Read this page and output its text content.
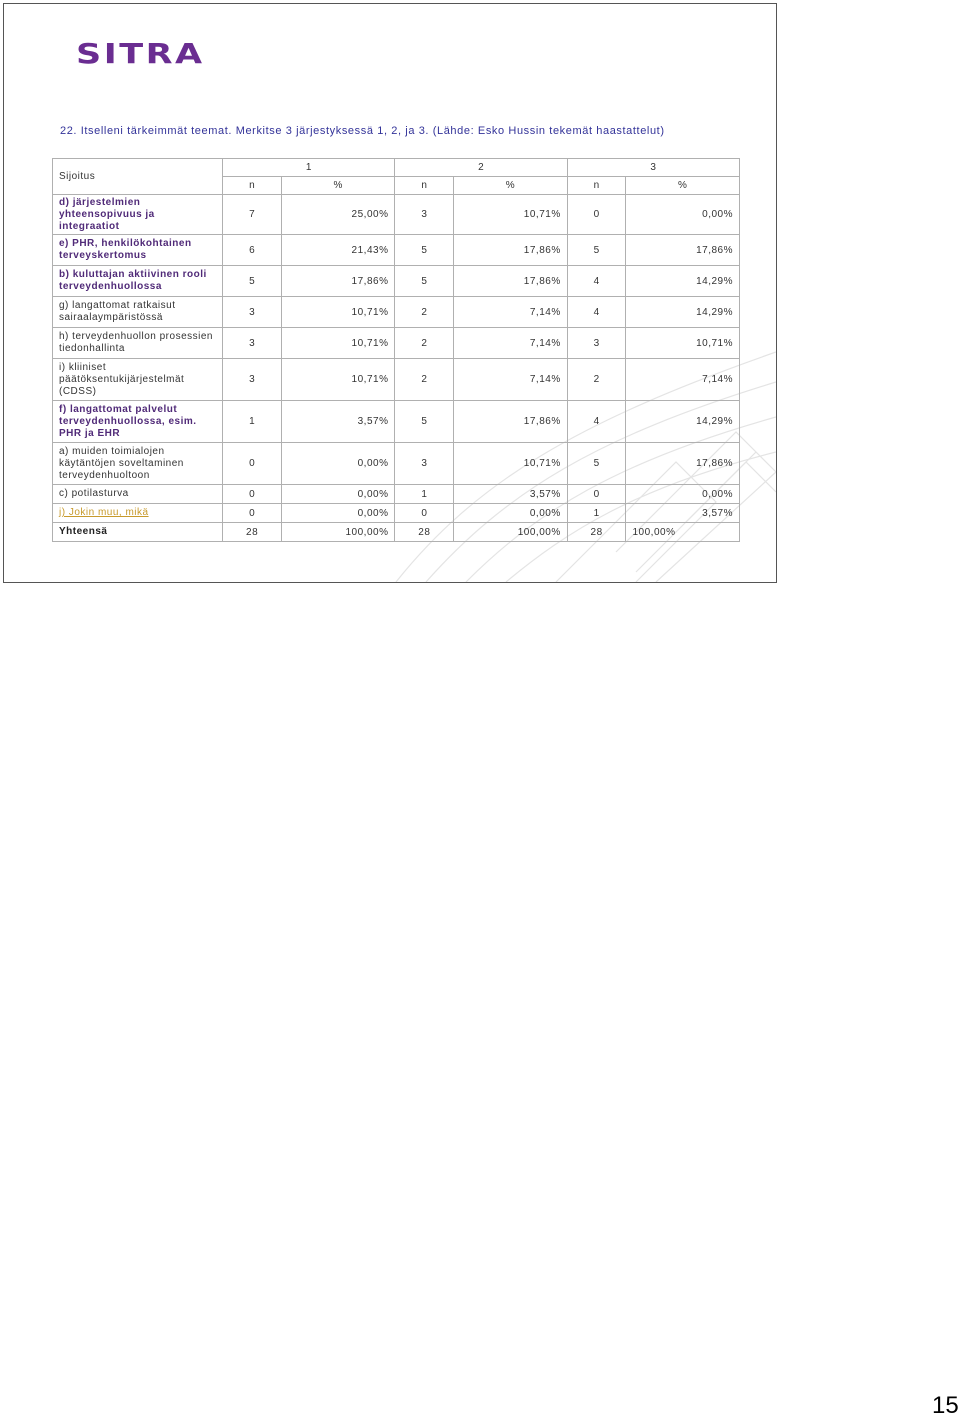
SITRA
22. Itselleni tärkeimmät teemat. Merkitse 3 järjestyksessä 1, 2, ja 3. (Lähde: Esko Hussin tekemät haastattelut)
Sijoitus	1		2		3	
	n	%	n	%	n	%
d) järjestelmien yhteensopivuus ja integraatiot	7	25,00%	3	10,71%	0	0,00%
e) PHR, henkilökohtainen terveyskertomus	6	21,43%	5	17,86%	5	17,86%
b) kuluttajan aktiivinen rooli terveydenhuollossa	5	17,86%	5	17,86%	4	14,29%
g) langattomat ratkaisut sairaalaympäristössä	3	10,71%	2	7,14%	4	14,29%
h) terveydenhuollon prosessien tiedonhallinta	3	10,71%	2	7,14%	3	10,71%
i) kliiniset päätöksentukijärjestelmät (CDSS)	3	10,71%	2	7,14%	2	7,14%
f) langattomat palvelut terveydenhuollossa, esim. PHR ja EHR	1	3,57%	5	17,86%	4	14,29%
a) muiden toimialojen käytäntöjen soveltaminen terveydenhuoltoon	0	0,00%	3	10,71%	5	17,86%
c) potilasturva	0	0,00%	1	3,57%	0	0,00%
j) Jokin muu, mikä	0	0,00%	0	0,00%	1	3,57%
Yhteensä	28	100,00%	28	100,00%	28	100,00%
15
